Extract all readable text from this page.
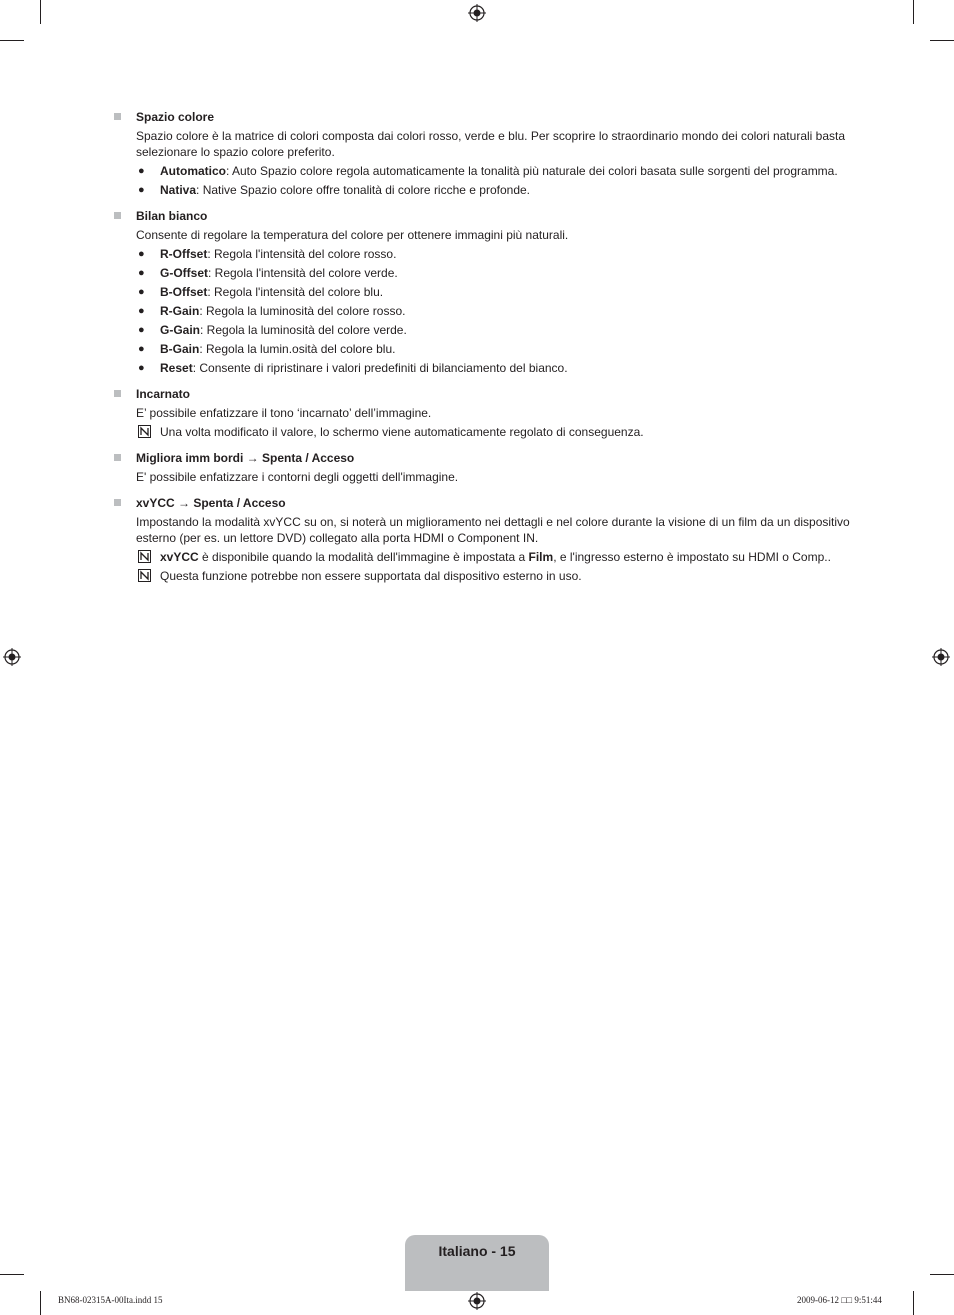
Spazio colore
Spazio colore è la matrice di colori composta dai colori rosso, verde e blu. Per scoprire lo straordinario mondo dei colori naturali basta selezionare lo spazio colore preferito.
● Automatico: Auto Spazio colore regola automaticamente la tonalità più naturale dei colori basata sulle sorgenti del programma.
● Nativa: Native Spazio colore offre tonalità di colore ricche e profonde.
Bilan bianco
Consente di regolare la temperatura del colore per ottenere immagini più naturali.
● R-Offset: Regola l'intensità del colore rosso.
● G-Offset: Regola l'intensità del colore verde.
● B-Offset: Regola l'intensità del colore blu.
● R-Gain: Regola la luminosità del colore rosso.
● G-Gain: Regola la luminosità del colore verde.
● B-Gain: Regola la lumin.osità del colore blu.
● Reset: Consente di ripristinare i valori predefiniti di bilanciamento del bianco.
Incarnato
E’ possibile enfatizzare il tono ‘incarnato’ dell’immagine.
Una volta modificato il valore, lo schermo viene automaticamente regolato di conseguenza.
Migliora imm bordi → Spenta / Acceso
E' possibile enfatizzare i contorni degli oggetti dell'immagine.
xvYCC → Spenta / Acceso
Impostando la modalità xvYCC su on, si noterà un miglioramento nei dettagli e nel colore durante la visione di un film da un dispositivo esterno (per es. un lettore DVD) collegato alla porta HDMI o Component IN.
xvYCC è disponibile quando la modalità dell'immagine è impostata a Film, e l'ingresso esterno è impostato su HDMI o Comp..
Questa funzione potrebbe non essere supportata dal dispositivo esterno in uso.
Italiano - 15
BN68-02315A-00Ita.indd 15	2009-06-12 □□ 9:51:44
